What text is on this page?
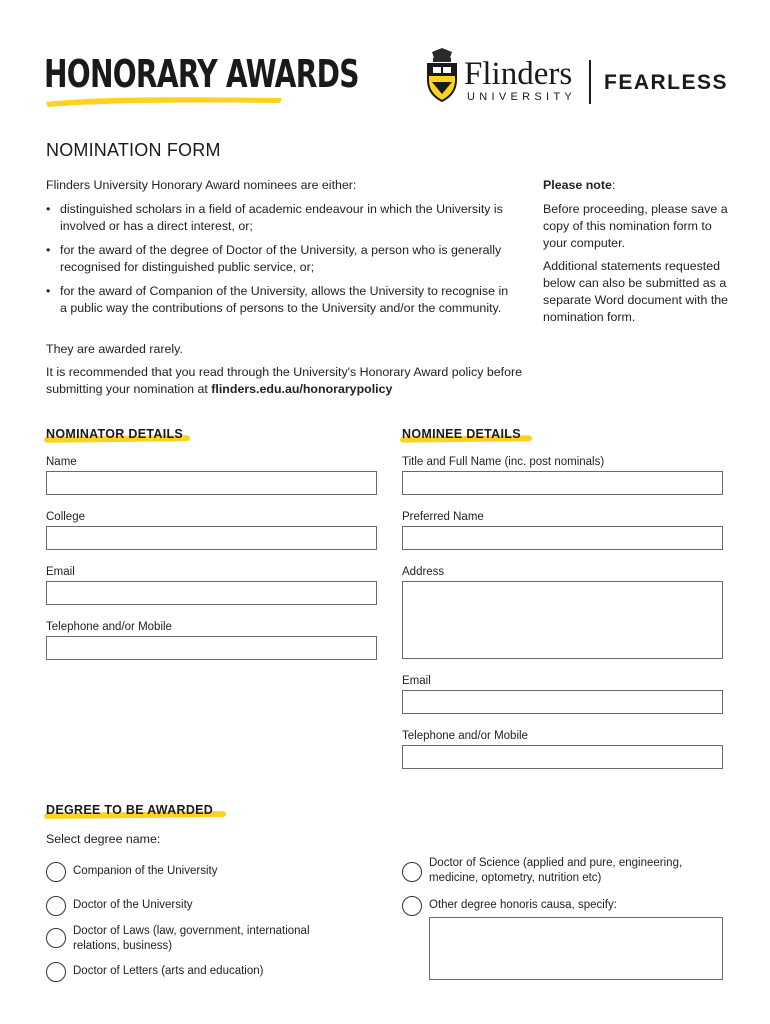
HONORARY AWARDS	Flinders
UNIVERSITY
FEARLESS
NOMINATION FORM
Flinders University Honorary Award nominees are either:
• distinguished scholars in a field of academic endeavour in which the University is involved or has a direct interest, or;
• for the award of the degree of Doctor of the University, a person who is generally recognised for distinguished public service, or;
• for the award of Companion of the University, allows the University to recognise in a public way the contributions of persons to the University and/or the community.
They are awarded rarely.
It is recommended that you read through the University's Honorary Award policy before submitting your nomination at flinders.edu.au/honorarypolicy
Please note:
Before proceeding, please save a copy of this nomination form to your computer.
Additional statements requested below can also be submitted as a separate Word document with the nomination form.
NOMINATOR DETAILS
Name
College
Email
Telephone and/or Mobile
NOMINEE DETAILS
Title and Full Name (inc. post nominals)
Preferred Name
Address
Email
Telephone and/or Mobile
DEGREE TO BE AWARDED
Select degree name:
Companion of the University
Doctor of the University
Doctor of Laws (law, government, international relations, business)
Doctor of Letters (arts and education)
Doctor of Science (applied and pure, engineering, medicine, optometry, nutrition etc)
Other degree honoris causa, specify:
